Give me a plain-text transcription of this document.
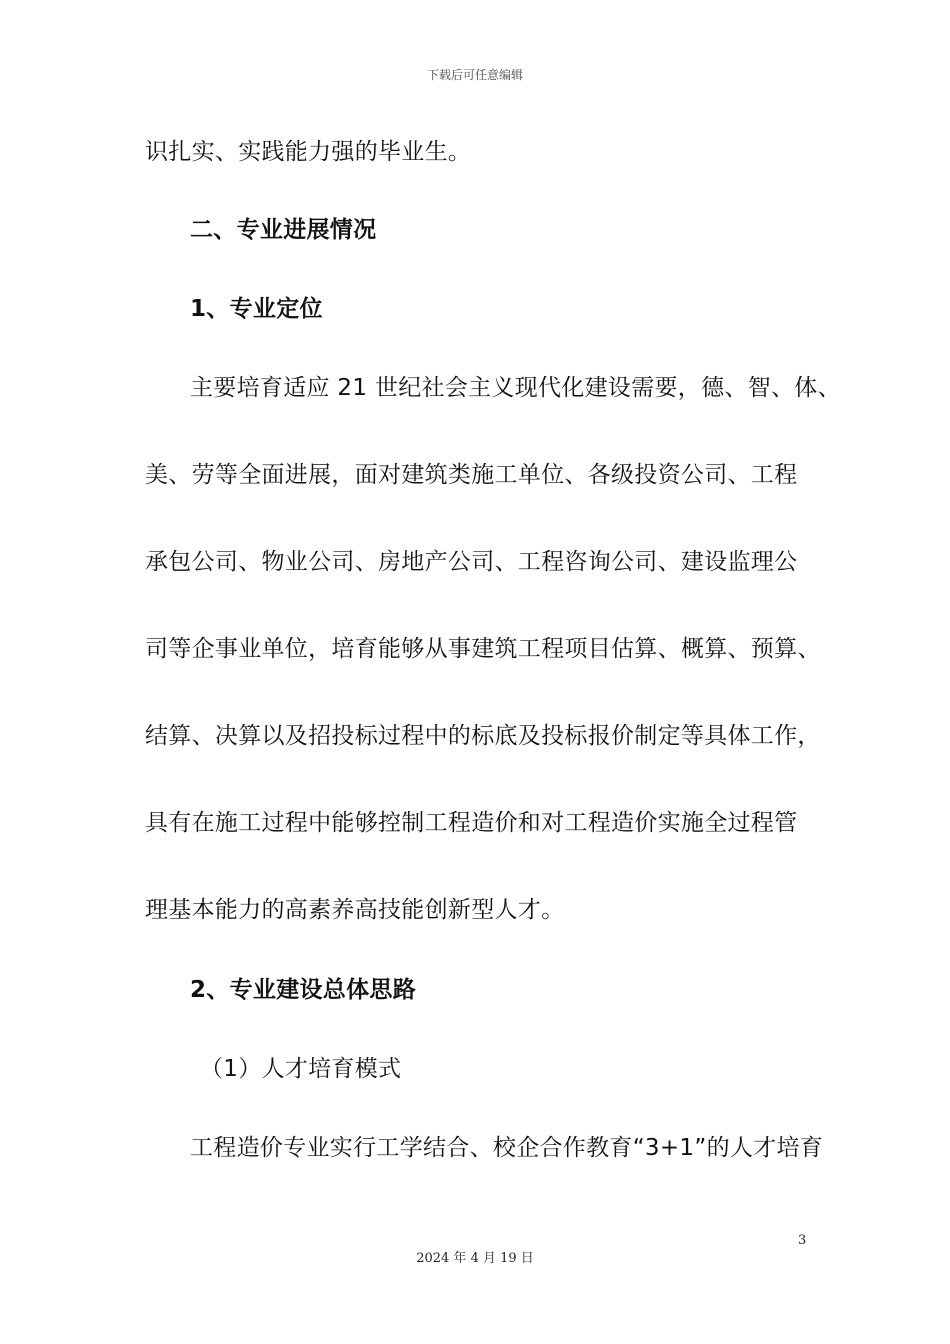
下载后可任意编辑
识扎实、实践能力强的毕业生。
二、专业进展情况
1、专业定位
主要培育适应 21 世纪社会主义现代化建设需要，德、智、体、
美、劳等全面进展，面对建筑类施工单位、各级投资公司、工程
承包公司、物业公司、房地产公司、工程咨询公司、建设监理公
司等企事业单位，培育能够从事建筑工程项目估算、概算、预算、
结算、决算以及招投标过程中的标底及投标报价制定等具体工作，
具有在施工过程中能够控制工程造价和对工程造价实施全过程管
理基本能力的高素养高技能创新型人才。
2、专业建设总体思路
（1）人才培育模式
工程造价专业实行工学结合、校企合作教育“3+1”的人才培育
3
2024 年 4 月 19 日
